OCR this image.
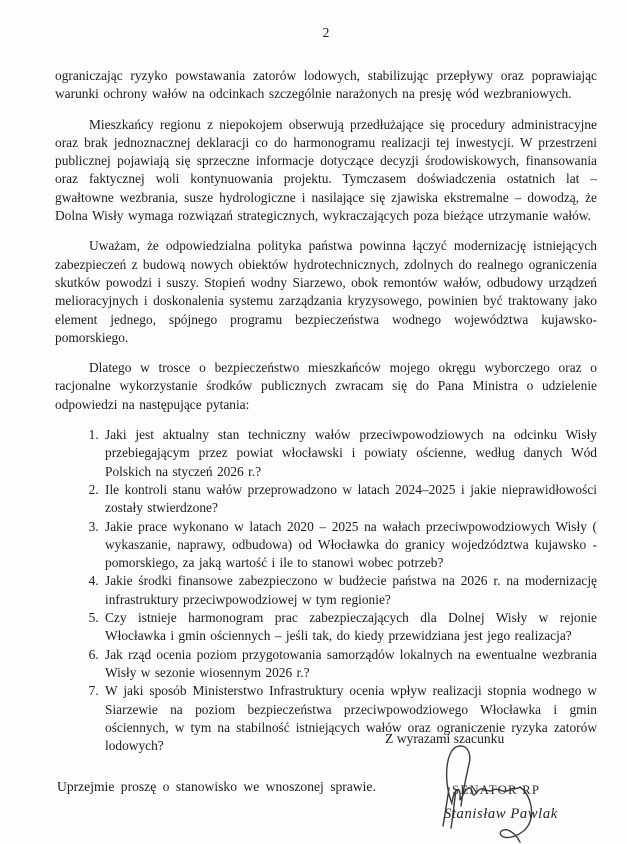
2

ograniczając ryzyko powstawania zatorów lodowych, stabilizując przepływy oraz poprawiając warunki ochrony wałów na odcinkach szczególnie narażonych na presję wód wezbraniowych.

Mieszkańcy regionu z niepokojem obserwują przedłużające się procedury administracyjne oraz brak jednoznacznej deklaracji co do harmonogramu realizacji tej inwestycji. W przestrzeni publicznej pojawiają się sprzeczne informacje dotyczące decyzji środowiskowych, finansowania oraz faktycznej woli kontynuowania projektu. Tymczasem doświadczenia ostatnich lat – gwałtowne wezbrania, susze hydrologiczne i nasilające się zjawiska ekstremalne – dowodzą, że Dolna Wisły wymaga rozwiązań strategicznych, wykraczających poza bieżące utrzymanie wałów.

Uważam, że odpowiedzialna polityka państwa powinna łączyć modernizację istniejących zabezpieczeń z budową nowych obiektów hydrotechnicznych, zdolnych do realnego ograniczenia skutków powodzi i suszy. Stopień wodny Siarzewo, obok remontów wałów, odbudowy urządzeń melioracyjnych i doskonalenia systemu zarządzania kryzysowego, powinien być traktowany jako element jednego, spójnego programu bezpieczeństwa wodnego województwa kujawsko-pomorskiego.

Dlatego w trosce o bezpieczeństwo mieszkańców mojego okręgu wyborczego oraz o racjonalne wykorzystanie środków publicznych zwracam się do Pana Ministra o udzielenie odpowiedzi na następujące pytania:

1. Jaki jest aktualny stan techniczny wałów przeciwpowodziowych na odcinku Wisły przebiegającym przez powiat włocławski i powiaty ościenne, według danych Wód Polskich na styczeń 2026 r.?
2. Ile kontroli stanu wałów przeprowadzono w latach 2024–2025 i jakie nieprawidłowości zostały stwierdzone?
3. Jakie prace wykonano w latach 2020 – 2025 na wałach przeciwpowodziowych Wisły ( wykaszanie, naprawy, odbudowa) od Włocławka do granicy wojedzództwa kujawsko - pomorskiego, za jaką wartość i ile to stanowi wobec potrzeb?
4. Jakie środki finansowe zabezpieczono w budżecie państwa na 2026 r. na modernizację infrastruktury przeciwpowodziowej w tym regionie?
5. Czy istnieje harmonogram prac zabezpieczających dla Dolnej Wisły w rejonie Włocławka i gmin ościennych – jeśli tak, do kiedy przewidziana jest jego realizacja?
6. Jak rząd ocenia poziom przygotowania samorządów lokalnych na ewentualne wezbrania Wisły w sezonie wiosennym 2026 r.?
7. W jaki sposób Ministerstwo Infrastruktury ocenia wpływ realizacji stopnia wodnego w Siarzewie na poziom bezpieczeństwa przeciwpowodziowego Włocławka i gmin ościennych, w tym na stabilność istniejących wałów oraz ograniczenie ryzyka zatorów lodowych?

Uprzejmie proszę o stanowisko we wnoszonej sprawie.

Z wyrazami szacunku
SENATOR RP
Stanisław Pawlak
